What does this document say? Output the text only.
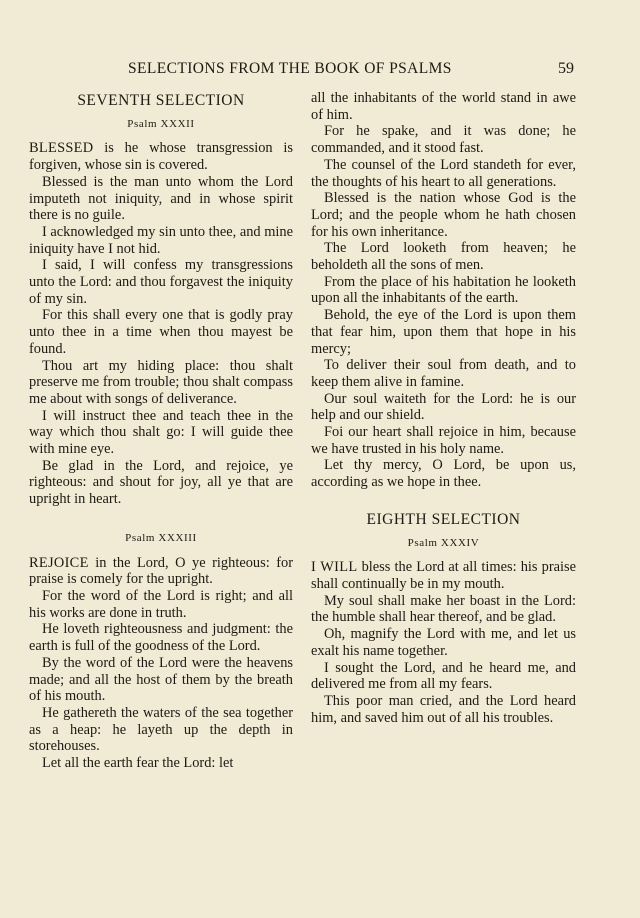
SELECTIONS FROM THE BOOK OF PSALMS	59
SEVENTH SELECTION
Psalm XXXII

BLESSED is he whose transgression is forgiven, whose sin is covered.

Blessed is the man unto whom the Lord imputeth not iniquity, and in whose spirit there is no guile.

I acknowledged my sin unto thee, and mine iniquity have I not hid.

I said, I will confess my transgressions unto the Lord: and thou forgavest the iniquity of my sin.

For this shall every one that is godly pray unto thee in a time when thou mayest be found.

Thou art my hiding place: thou shalt preserve me from trouble; thou shalt compass me about with songs of deliverance.

I will instruct thee and teach thee in the way which thou shalt go: I will guide thee with mine eye.

Be glad in the Lord, and rejoice, ye righteous: and shout for joy, all ye that are upright in heart.

Psalm XXXIII

REJOICE in the Lord, O ye righteous: for praise is comely for the upright.

For the word of the Lord is right; and all his works are done in truth.

He loveth righteousness and judgment: the earth is full of the goodness of the Lord.

By the word of the Lord were the heavens made; and all the host of them by the breath of his mouth.

He gathereth the waters of the sea together as a heap: he layeth up the depth in storehouses.

Let all the earth fear the Lord: let

all the inhabitants of the world stand in awe of him.

For he spake, and it was done; he commanded, and it stood fast.

The counsel of the Lord standeth for ever, the thoughts of his heart to all generations.

Blessed is the nation whose God is the Lord; and the people whom he hath chosen for his own inheritance.

The Lord looketh from heaven; he beholdeth all the sons of men.

From the place of his habitation he looketh upon all the inhabitants of the earth.

Behold, the eye of the Lord is upon them that fear him, upon them that hope in his mercy;

To deliver their soul from death, and to keep them alive in famine.

Our soul waiteth for the Lord: he is our help and our shield.

Foi our heart shall rejoice in him, because we have trusted in his holy name.

Let thy mercy, O Lord, be upon us, according as we hope in thee.

EIGHTH SELECTION
Psalm XXXIV

I WILL bless the Lord at all times: his praise shall continually be in my mouth.

My soul shall make her boast in the Lord: the humble shall hear thereof, and be glad.

Oh, magnify the Lord with me, and let us exalt his name together.

I sought the Lord, and he heard me, and delivered me from all my fears.

This poor man cried, and the Lord heard him, and saved him out of all his troubles.
